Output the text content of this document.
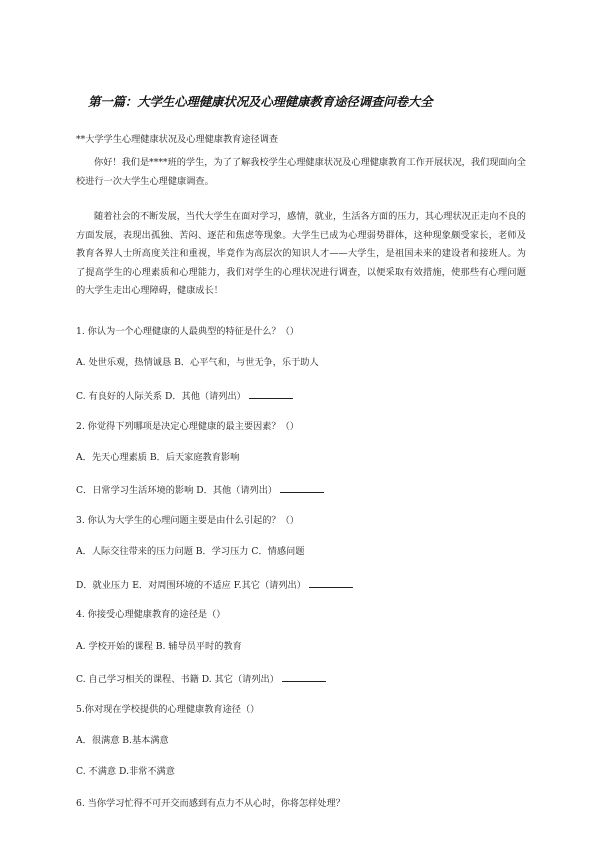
第一篇：大学生心理健康状况及心理健康教育途径调查问卷大全
**大学学生心理健康状况及心理健康教育途径调查
你好！我们是****班的学生，为了了解我校学生心理健康状况及心理健康教育工作开展状况，我们现面向全校进行一次大学生心理健康调查。
随着社会的不断发展，当代大学生在面对学习，感情，就业，生活各方面的压力，其心理状况正走向不良的方面发展，表现出孤独、苦闷、逐茫和焦虑等现象。大学生已成为心理弱势群体，这种现象颇受家长，老师及教育各界人士所高度关注和重视，毕竟作为高层次的知识人才——大学生，是祖国未来的建设者和接班人。为了提高学生的心理素质和心理能力，我们对学生的心理状况进行调查，以便采取有效措施，使那些有心理问题的大学生走出心理障碍，健康成长！
1. 你认为一个心理健康的人最典型的特征是什么？（）
A. 处世乐观，热情诚恳 B．心平气和，与世无争，乐于助人
C. 有良好的人际关系 D．其他（请列出）
2. 你觉得下列哪项是决定心理健康的最主要因素？（）
A．先天心理素质 B．后天家庭教育影响
C．日常学习生活环境的影响 D．其他（请列出）
3. 你认为大学生的心理问题主要是由什么引起的？（）
A．人际交往带来的压力问题 B．学习压力 C．情感问题
D．就业压力 E．对周围环境的不适应 F.其它（请列出）
4. 你接受心理健康教育的途径是（）
A. 学校开始的课程 B. 辅导员平时的教育
C. 自己学习相关的课程、书籍 D. 其它（请列出）
5.你对现在学校提供的心理健康教育途径（）
A．很满意 B.基本满意
C. 不满意 D.非常不满意
6. 当你学习忙得不可开交而感到有点力不从心时，你将怎样处理？
